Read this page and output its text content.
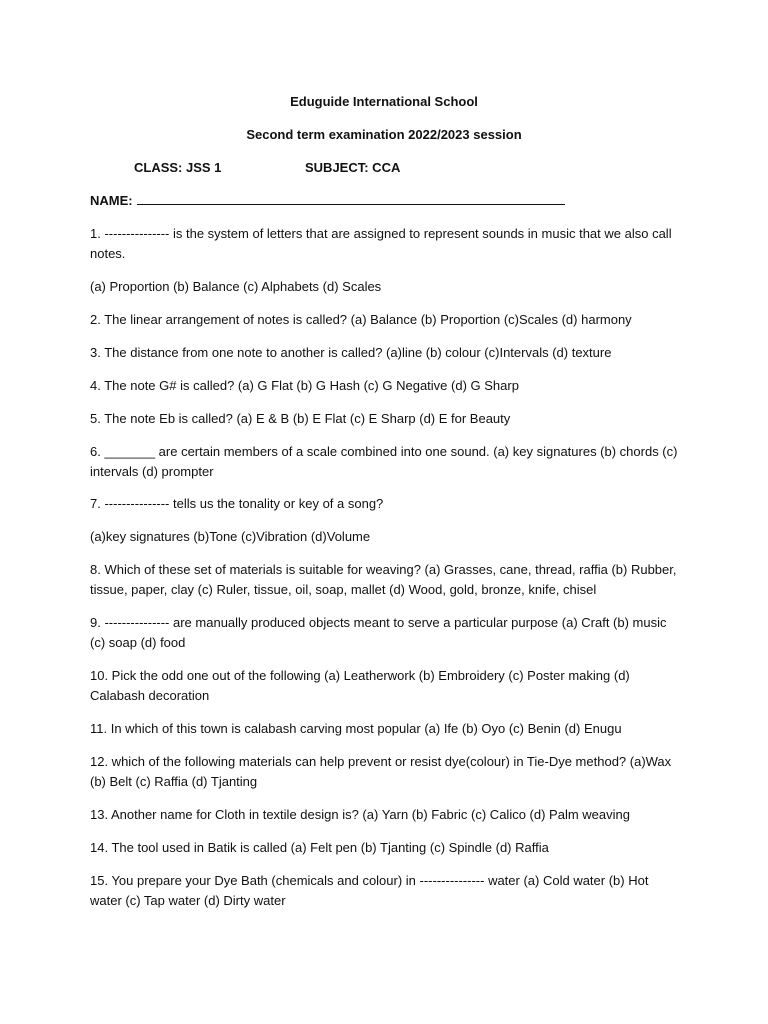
Eduguide International School
Second term examination 2022/2023 session
CLASS: JSS 1	SUBJECT: CCA
NAME:

1. --------------- is the system of letters that are assigned to represent sounds in music that we also call notes.

(a) Proportion (b) Balance (c) Alphabets (d) Scales

2. The linear arrangement of notes is called? (a) Balance (b) Proportion (c)Scales (d) harmony

3. The distance from one note to another is called? (a)line (b) colour (c)Intervals (d) texture

4. The note G# is called? (a) G Flat (b) G Hash (c) G Negative (d) G Sharp

5. The note Eb is called? (a) E & B (b) E Flat (c) E Sharp (d) E for Beauty

6. _______ are certain members of a scale combined into one sound. (a) key signatures (b) chords (c) intervals (d) prompter

7. --------------- tells us the tonality or key of a song?

(a)key signatures (b)Tone (c)Vibration (d)Volume

8. Which of these set of materials is suitable for weaving? (a) Grasses, cane, thread, raffia (b) Rubber, tissue, paper, clay (c) Ruler, tissue, oil, soap, mallet (d) Wood, gold, bronze, knife, chisel

9. --------------- are manually produced objects meant to serve a particular purpose (a) Craft (b) music (c) soap (d) food

10. Pick the odd one out of the following (a) Leatherwork (b) Embroidery (c) Poster making (d) Calabash decoration

11. In which of this town is calabash carving most popular (a) Ife (b) Oyo (c) Benin (d) Enugu

12. which of the following materials can help prevent or resist dye(colour) in Tie-Dye method? (a)Wax (b) Belt (c) Raffia (d) Tjanting

13. Another name for Cloth in textile design is? (a) Yarn (b) Fabric (c) Calico (d) Palm weaving

14. The tool used in Batik is called (a) Felt pen (b) Tjanting (c) Spindle (d) Raffia

15. You prepare your Dye Bath (chemicals and colour) in --------------- water (a) Cold water (b) Hot water (c) Tap water (d) Dirty water
